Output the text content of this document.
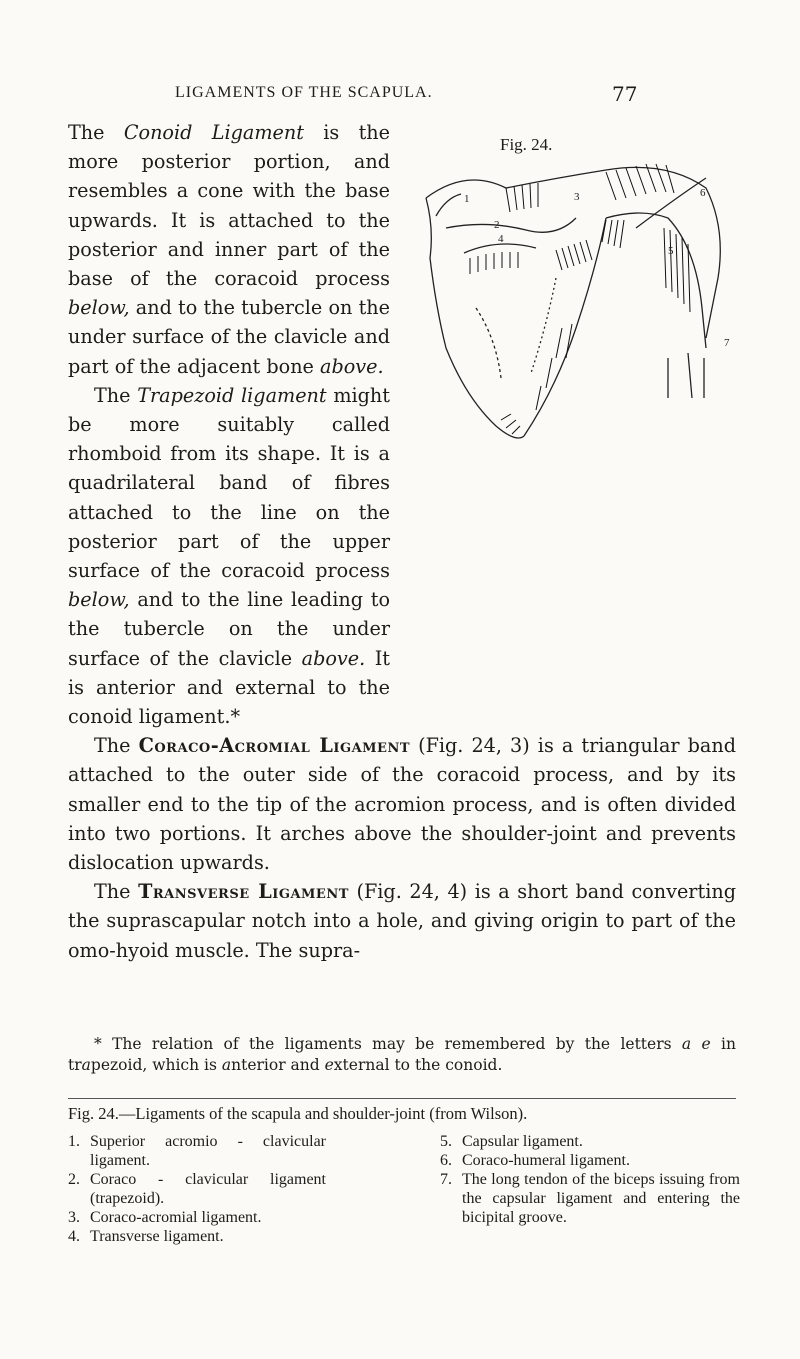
LIGAMENTS OF THE SCAPULA.	77
Fig. 24.
1
2
3
4
5
6
7

The Conoid Ligament is the more posterior portion, and resembles a cone with the base upwards. It is attached to the posterior and inner part of the base of the coracoid process below, and to the tubercle on the under surface of the clavicle and part of the adjacent bone above.

The Trapezoid ligament might be more suitably called rhomboid from its shape. It is a quadrilateral band of fibres attached to the line on the posterior part of the upper surface of the coracoid process below, and to the line leading to the tubercle on the under surface of the clavicle above. It is anterior and external to the conoid ligament.*

The Coraco-Acromial Ligament (Fig. 24, 3) is a triangular band attached to the outer side of the coracoid process, and by its smaller end to the tip of the acromion process, and is often divided into two portions. It arches above the shoulder-joint and prevents dislocation upwards.

The Transverse Ligament (Fig. 24, 4) is a short band converting the suprascapular notch into a hole, and giving origin to part of the omo-hyoid muscle. The supra-

* The relation of the ligaments may be remembered by the letters a e in trapezoid, which is anterior and external to the conoid.
Fig. 24.—Ligaments of the scapula and shoulder-joint (from Wilson).
1. Superior acromio - clavicular ligament.
2. Coraco - clavicular ligament (trapezoid).
3. Coraco-acromial ligament.
4. Transverse ligament.
5. Capsular ligament.
6. Coraco-humeral ligament.
7. The long tendon of the biceps issuing from the capsular ligament and entering the bicipital groove.
